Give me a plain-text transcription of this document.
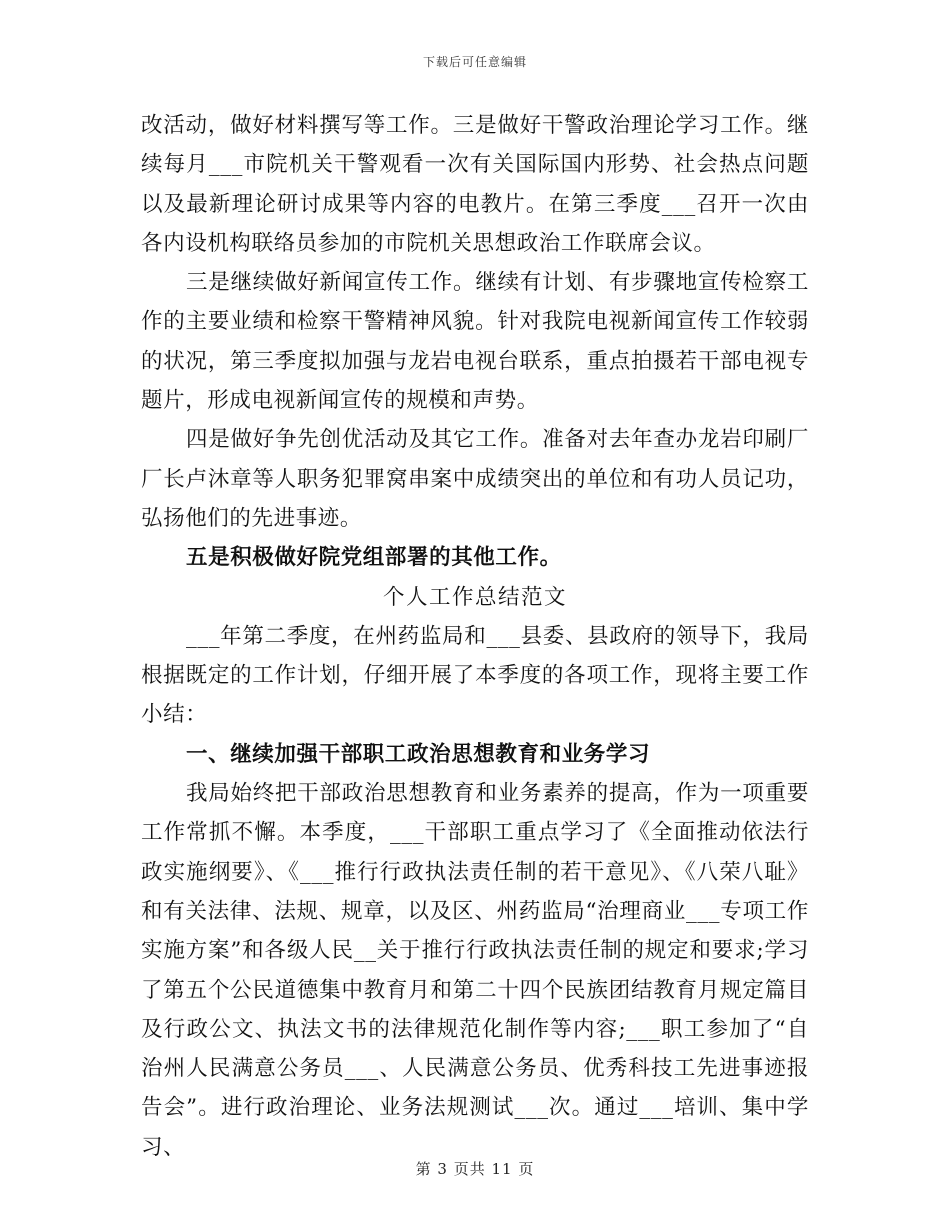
下载后可任意编辑

改活动，做好材料撰写等工作。三是做好干警政治理论学习工作。继续每月___市院机关干警观看一次有关国际国内形势、社会热点问题以及最新理论研讨成果等内容的电教片。在第三季度___召开一次由各内设机构联络员参加的市院机关思想政治工作联席会议。

三是继续做好新闻宣传工作。继续有计划、有步骤地宣传检察工作的主要业绩和检察干警精神风貌。针对我院电视新闻宣传工作较弱的状况，第三季度拟加强与龙岩电视台联系，重点拍摄若干部电视专题片，形成电视新闻宣传的规模和声势。

四是做好争先创优活动及其它工作。准备对去年查办龙岩印刷厂厂长卢沐章等人职务犯罪窝串案中成绩突出的单位和有功人员记功，弘扬他们的先进事迹。

五是积极做好院党组部署的其他工作。

个人工作总结范文

___年第二季度，在州药监局和___县委、县政府的领导下，我局根据既定的工作计划，仔细开展了本季度的各项工作，现将主要工作小结：

一、继续加强干部职工政治思想教育和业务学习

我局始终把干部政治思想教育和业务素养的提高，作为一项重要工作常抓不懈。本季度，___干部职工重点学习了《全面推动依法行政实施纲要》、《___推行行政执法责任制的若干意见》、《八荣八耻》和有关法律、法规、规章，以及区、州药监局“治理商业___专项工作实施方案”和各级人民__关于推行行政执法责任制的规定和要求;学习了第五个公民道德集中教育月和第二十四个民族团结教育月规定篇目及行政公文、执法文书的法律规范化制作等内容;___职工参加了“自治州人民满意公务员___、人民满意公务员、优秀科技工先进事迹报告会”。进行政治理论、业务法规测试___次。通过___培训、集中学习、

第 3 页共 11 页
